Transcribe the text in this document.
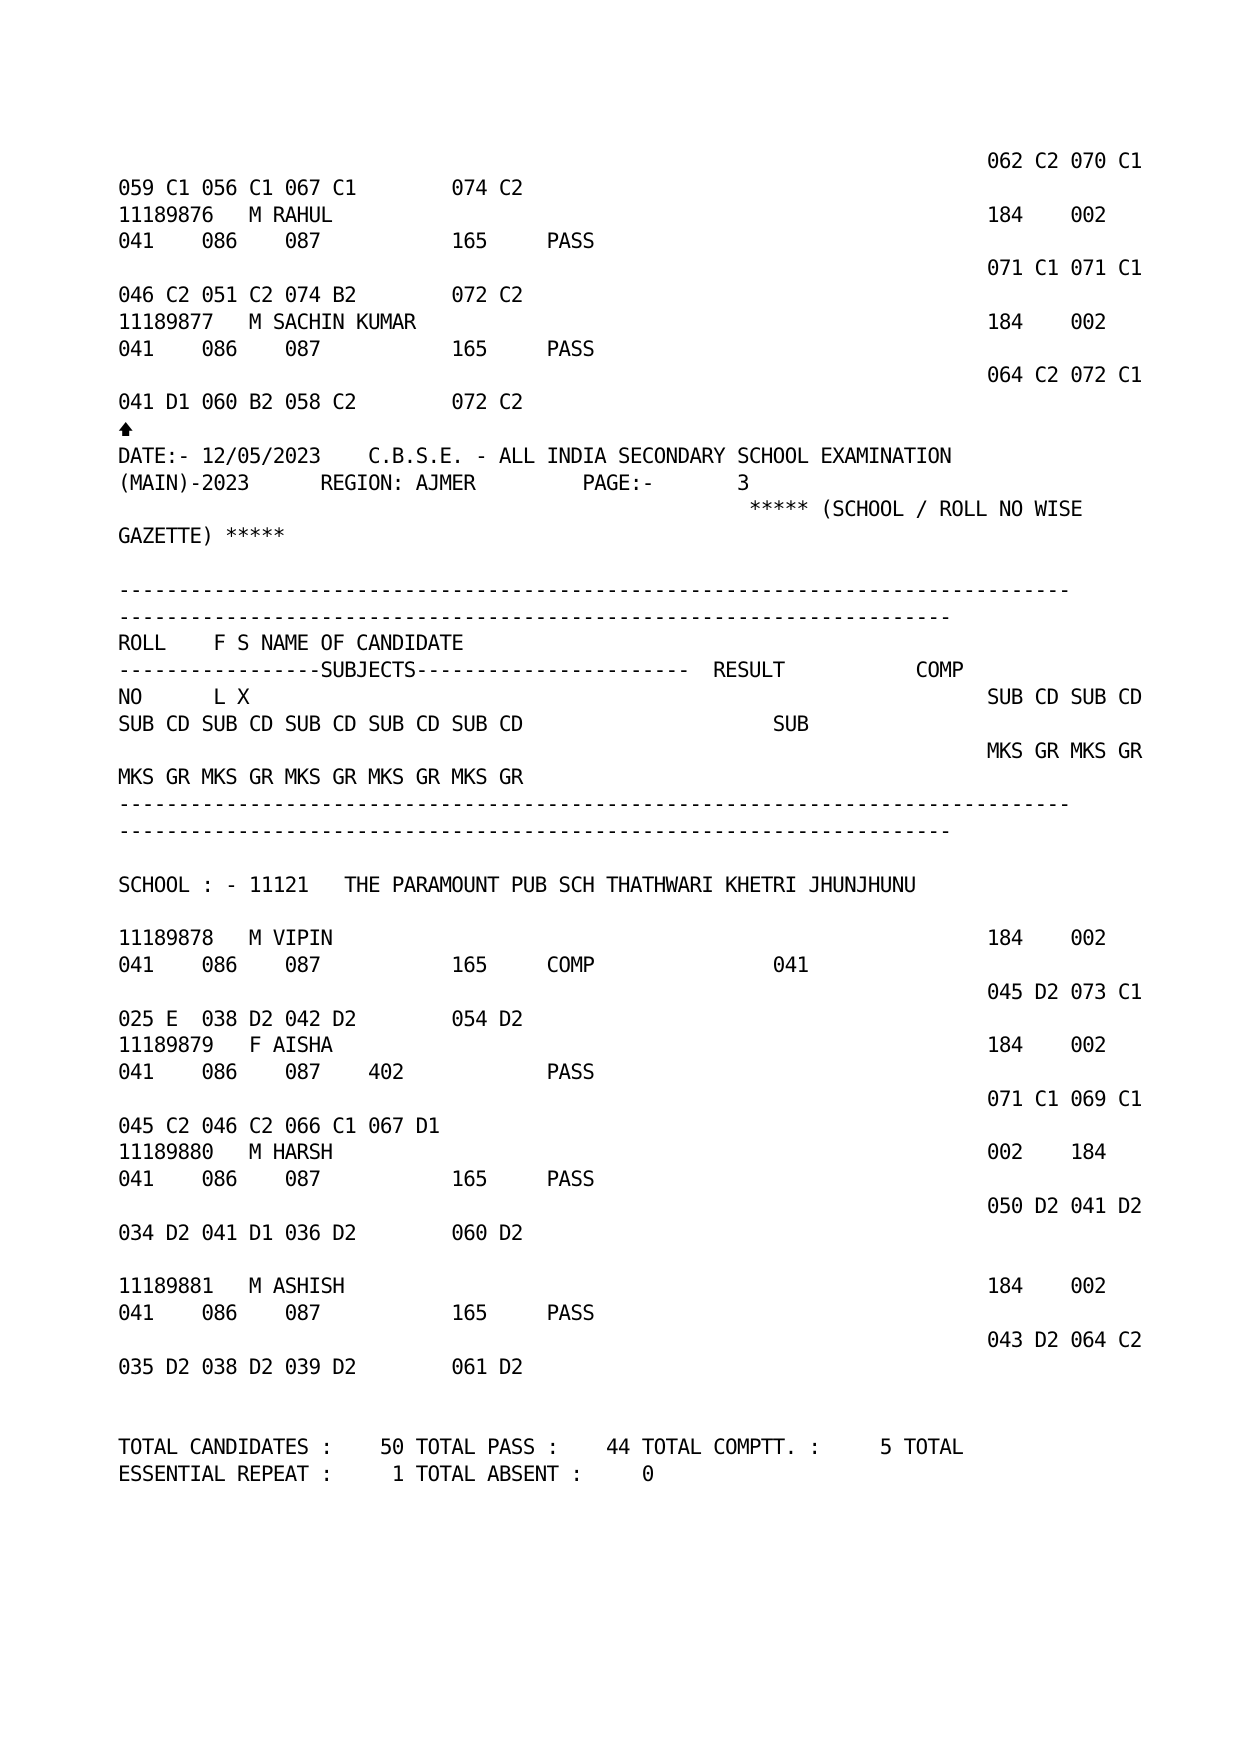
062 C2 070 C1
059 C1 056 C1 067 C1        074 C2
11189876   M RAHUL                                                       184    002
041    086    087           165     PASS
071 C1 071 C1
046 C2 051 C2 074 B2        072 C2
11189877   M SACHIN KUMAR                                                184    002
041    086    087           165     PASS
064 C2 072 C1
041 D1 060 B2 058 C2        072 C2
🡅
DATE:- 12/05/2023    C.B.S.E. - ALL INDIA SECONDARY SCHOOL EXAMINATION
(MAIN)-2023      REGION: AJMER         PAGE:-       3
***** (SCHOOL / ROLL NO WISE
GAZETTE) *****
--------------------------------------------------------------------------------
----------------------------------------------------------------------
ROLL    F S NAME OF CANDIDATE
-----------------SUBJECTS-----------------------  RESULT           COMP
NO      L X                                                              SUB CD SUB CD
SUB CD SUB CD SUB CD SUB CD SUB CD                     SUB
MKS GR MKS GR
MKS GR MKS GR MKS GR MKS GR MKS GR
--------------------------------------------------------------------------------
----------------------------------------------------------------------
SCHOOL : - 11121   THE PARAMOUNT PUB SCH THATHWARI KHETRI JHUNJHUNU
11189878   M VIPIN                                                       184    002
041    086    087           165     COMP               041
045 D2 073 C1
025 E  038 D2 042 D2        054 D2
11189879   F AISHA                                                       184    002
041    086    087    402            PASS
071 C1 069 C1
045 C2 046 C2 066 C1 067 D1
11189880   M HARSH                                                       002    184
041    086    087           165     PASS
050 D2 041 D2
034 D2 041 D1 036 D2        060 D2
11189881   M ASHISH                                                      184    002
041    086    087           165     PASS
043 D2 064 C2
035 D2 038 D2 039 D2        061 D2
TOTAL CANDIDATES :    50 TOTAL PASS :    44 TOTAL COMPTT. :     5 TOTAL
ESSENTIAL REPEAT :     1 TOTAL ABSENT :     0
